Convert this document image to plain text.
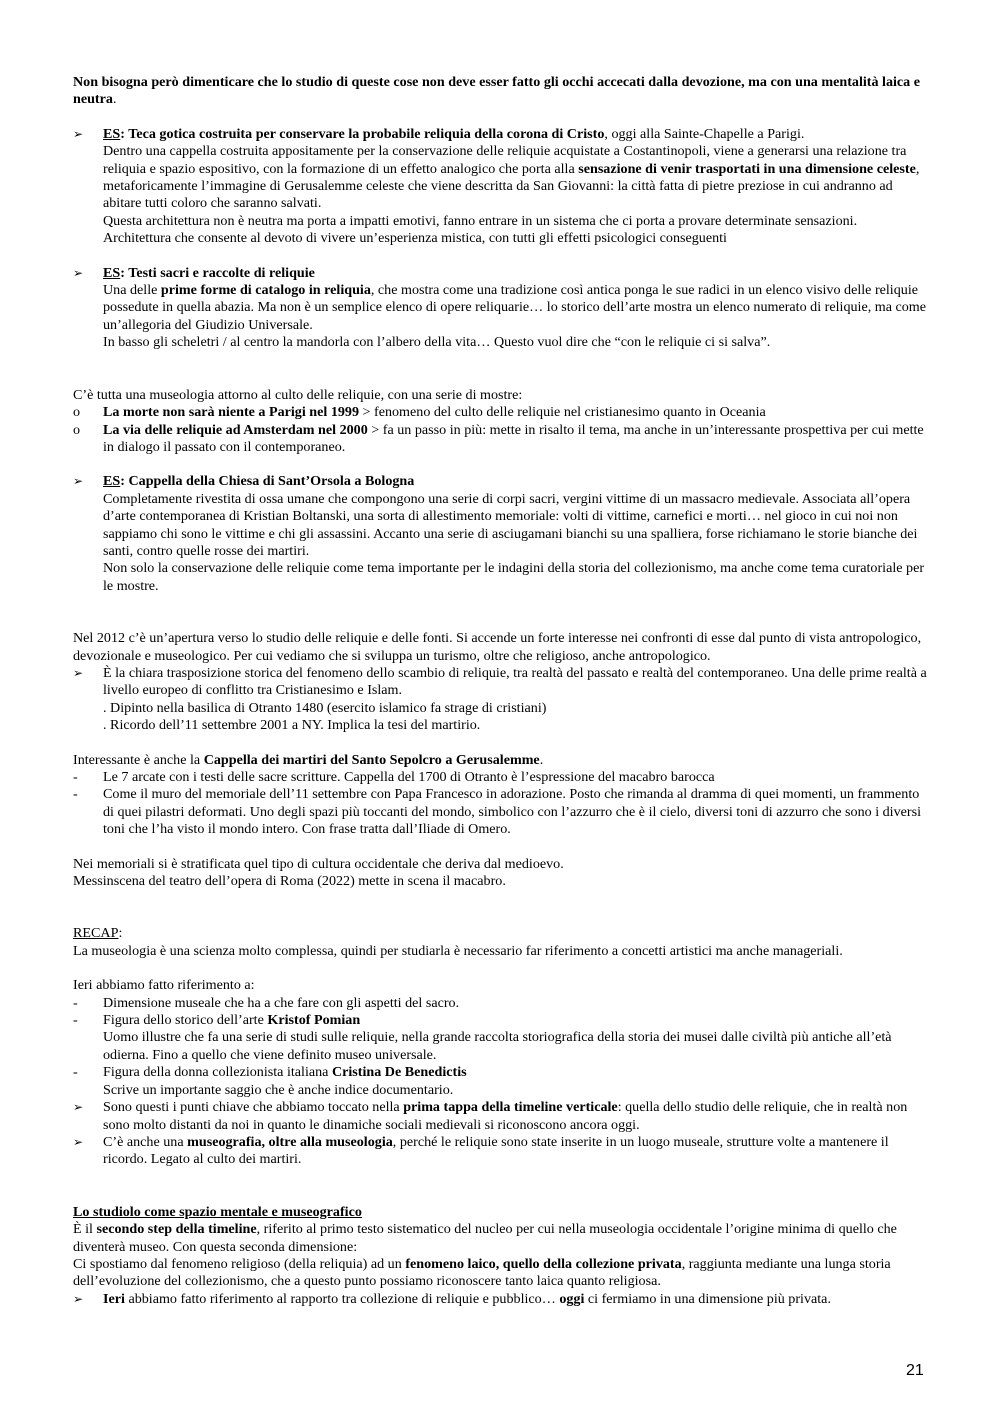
Non bisogna però dimenticare che lo studio di queste cose non deve esser fatto gli occhi accecati dalla devozione, ma con una mentalità laica e neutra.

➢	ES: Teca gotica costruita per conservare la probabile reliquia della corona di Cristo, oggi alla Sainte-Chapelle a Parigi.

Dentro una cappella costruita appositamente per la conservazione delle reliquie acquistate a Costantinopoli, viene a generarsi una relazione tra reliquia e spazio espositivo, con la formazione di un effetto analogico che porta alla sensazione di venir trasportati in una dimensione celeste, metaforicamente l’immagine di Gerusalemme celeste che viene descritta da San Giovanni: la città fatta di pietre preziose in cui andranno ad abitare tutti coloro che saranno salvati.

Questa architettura non è neutra ma porta a impatti emotivi, fanno entrare in un sistema che ci porta a provare determinate sensazioni.

Architettura che consente al devoto di vivere un’esperienza mistica, con tutti gli effetti psicologici conseguenti

➢	ES: Testi sacri e raccolte di reliquie

Una delle prime forme di catalogo in reliquia, che mostra come una tradizione così antica ponga le sue radici in un elenco visivo delle reliquie possedute in quella abazia. Ma non è un semplice elenco di opere reliquarie… lo storico dell’arte mostra un elenco numerato di reliquie, ma come un’allegoria del Giudizio Universale.

In basso gli scheletri / al centro la mandorla con l’albero della vita… Questo vuol dire che “con le reliquie ci si salva”.

C’è tutta una museologia attorno al culto delle reliquie, con una serie di mostre:

o	La morte non sarà niente a Parigi nel 1999 > fenomeno del culto delle reliquie nel cristianesimo quanto in Oceania

o	La via delle reliquie ad Amsterdam nel 2000 > fa un passo in più: mette in risalto il tema, ma anche in un’interessante prospettiva per cui mette in dialogo il passato con il contemporaneo.

➢	ES: Cappella della Chiesa di Sant’Orsola a Bologna

Completamente rivestita di ossa umane che compongono una serie di corpi sacri, vergini vittime di un massacro medievale. Associata all’opera d’arte contemporanea di Kristian Boltanski, una sorta di allestimento memoriale: volti di vittime, carnefici e morti… nel gioco in cui noi non sappiamo chi sono le vittime e chi gli assassini. Accanto una serie di asciugamani bianchi su una spalliera, forse richiamano le storie bianche dei santi, contro quelle rosse dei martiri.

Non solo la conservazione delle reliquie come tema importante per le indagini della storia del collezionismo, ma anche come tema curatoriale per le mostre.

Nel 2012 c’è un’apertura verso lo studio delle reliquie e delle fonti. Si accende un forte interesse nei confronti di esse dal punto di vista antropologico, devozionale e museologico. Per cui vediamo che si sviluppa un turismo, oltre che religioso, anche antropologico.

➢	È la chiara trasposizione storica del fenomeno dello scambio di reliquie, tra realtà del passato e realtà del contemporaneo. Una delle prime realtà a livello europeo di conflitto tra Cristianesimo e Islam.

. Dipinto nella basilica di Otranto 1480 (esercito islamico fa strage di cristiani)

. Ricordo dell’11 settembre 2001 a NY. Implica la tesi del martirio.

Interessante è anche la Cappella dei martiri del Santo Sepolcro a Gerusalemme.

-	Le 7 arcate con i testi delle sacre scritture. Cappella del 1700 di Otranto è l’espressione del macabro barocca

-	Come il muro del memoriale dell’11 settembre con Papa Francesco in adorazione. Posto che rimanda al dramma di quei momenti, un frammento di quei pilastri deformati. Uno degli spazi più toccanti del mondo, simbolico con l’azzurro che è il cielo, diversi toni di azzurro che sono i diversi toni che l’ha visto il mondo intero. Con frase tratta dall’Iliade di Omero.

Nei memoriali si è stratificata quel tipo di cultura occidentale che deriva dal medioevo.

Messinscena del teatro dell’opera di Roma (2022) mette in scena il macabro.

RECAP:

La museologia è una scienza molto complessa, quindi per studiarla è necessario far riferimento a concetti artistici ma anche manageriali.

Ieri abbiamo fatto riferimento a:

-	Dimensione museale che ha a che fare con gli aspetti del sacro.

-	Figura dello storico dell’arte Kristof Pomian

Uomo illustre che fa una serie di studi sulle reliquie, nella grande raccolta storiografica della storia dei musei dalle civiltà più antiche all’età odierna. Fino a quello che viene definito museo universale.

-	Figura della donna collezionista italiana Cristina De Benedictis

Scrive un importante saggio che è anche indice documentario.

➢	Sono questi i punti chiave che abbiamo toccato nella prima tappa della timeline verticale: quella dello studio delle reliquie, che in realtà non sono molto distanti da noi in quanto le dinamiche sociali medievali si riconoscono ancora oggi.

➢	C’è anche una museografia, oltre alla museologia, perché le reliquie sono state inserite in un luogo museale, strutture volte a mantenere il ricordo. Legato al culto dei martiri.

Lo studiolo come spazio mentale e museografico

È il secondo step della timeline, riferito al primo testo sistematico del nucleo per cui nella museologia occidentale l’origine minima di quello che diventerà museo. Con questa seconda dimensione:

Ci spostiamo dal fenomeno religioso (della reliquia) ad un fenomeno laico, quello della collezione privata, raggiunta mediante una lunga storia dell’evoluzione del collezionismo, che a questo punto possiamo riconoscere tanto laica quanto religiosa.

➢	Ieri abbiamo fatto riferimento al rapporto tra collezione di reliquie e pubblico… oggi ci fermiamo in una dimensione più privata.

21
